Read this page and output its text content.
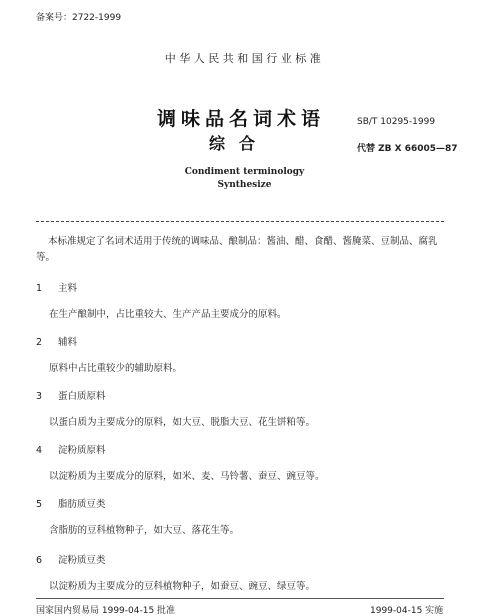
备案号：2722-1999
中华人民共和国行业标准
调味品名词术语
综合
SB/T 10295-1999
代替 ZB X 66005—87
Condiment terminology
Synthesize
本标准规定了名词术适用于传统的调味品、酿制品：酱油、醋、食醋、酱腌菜、豆制品、腐乳等。
1 主料
在生产酿制中，占比重较大、生产产品主要成分的原料。
2 辅料
原料中占比重较少的辅助原料。
3 蛋白质原料
以蛋白质为主要成分的原料，如大豆、脱脂大豆、花生饼粕等。
4 淀粉质原料
以淀粉质为主要成分的原料，如米、麦、马铃薯、蚕豆、豌豆等。
5 脂肪质豆类
含脂肪的豆科植物种子，如大豆、落花生等。
6 淀粉质豆类
以淀粉质为主要成分的豆科植物种子，如蚕豆、豌豆、绿豆等。
国家国内贸易局 1999-04-15 批准	1999-04-15 实施
